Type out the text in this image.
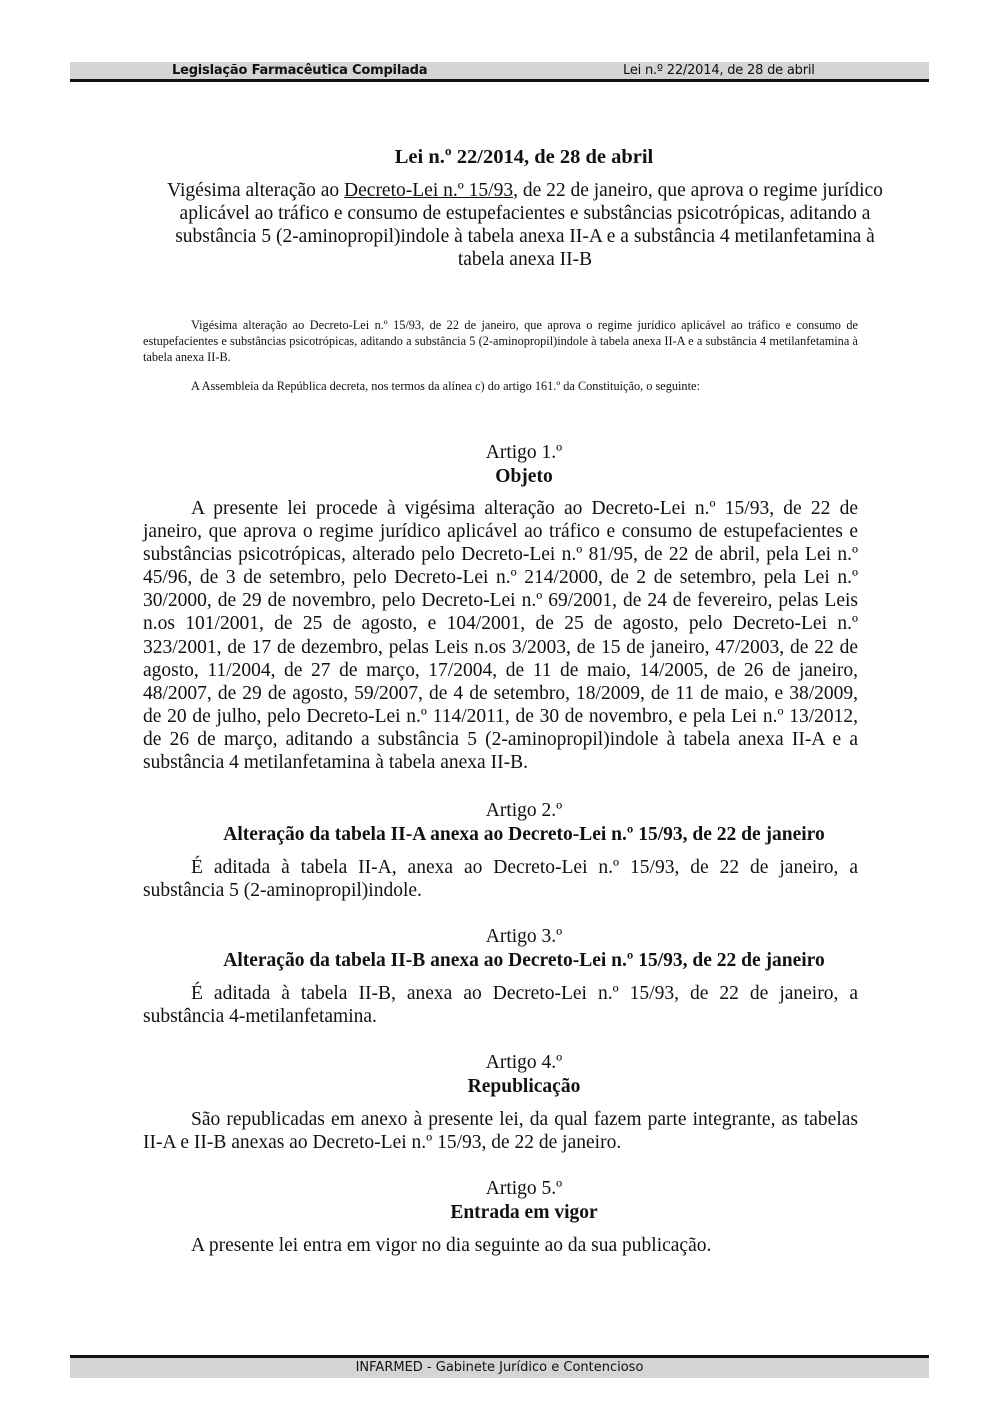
Legislação Farmacêutica Compilada	Lei n.º 22/2014, de 28 de abril
Lei n.º 22/2014, de 28 de abril

Vigésima alteração ao Decreto-Lei n.º 15/93, de 22 de janeiro, que aprova o regime jurídico aplicável ao tráfico e consumo de estupefacientes e substâncias psicotrópicas, aditando a substância 5 (2-aminopropil)indole à tabela anexa II-A e a substância 4 metilanfetamina à tabela anexa II-B

Vigésima alteração ao Decreto-Lei n.º 15/93, de 22 de janeiro, que aprova o regime jurídico aplicável ao tráfico e consumo de estupefacientes e substâncias psicotrópicas, aditando a substância 5 (2-aminopropil)indole à tabela anexa II-A e a substância 4 metilanfetamina à tabela anexa II-B.

A Assembleia da República decreta, nos termos da alínea c) do artigo 161.º da Constituição, o seguinte:

Artigo 1.º

Objeto

A presente lei procede à vigésima alteração ao Decreto-Lei n.º 15/93, de 22 de janeiro, que aprova o regime jurídico aplicável ao tráfico e consumo de estupefacientes e substâncias psicotrópicas, alterado pelo Decreto-Lei n.º 81/95, de 22 de abril, pela Lei n.º 45/96, de 3 de setembro, pelo Decreto-Lei n.º 214/2000, de 2 de setembro, pela Lei n.º 30/2000, de 29 de novembro, pelo Decreto-Lei n.º 69/2001, de 24 de fevereiro, pelas Leis n.os 101/2001, de 25 de agosto, e 104/2001, de 25 de agosto, pelo Decreto-Lei n.º 323/2001, de 17 de dezembro, pelas Leis n.os 3/2003, de 15 de janeiro, 47/2003, de 22 de agosto, 11/2004, de 27 de março, 17/2004, de 11 de maio, 14/2005, de 26 de janeiro, 48/2007, de 29 de agosto, 59/2007, de 4 de setembro, 18/2009, de 11 de maio, e 38/2009, de 20 de julho, pelo Decreto-Lei n.º 114/2011, de 30 de novembro, e pela Lei n.º 13/2012, de 26 de março, aditando a substância 5 (2-aminopropil)indole à tabela anexa II-A e a substância 4 metilanfetamina à tabela anexa II-B.

Artigo 2.º

Alteração da tabela II-A anexa ao Decreto-Lei n.º 15/93, de 22 de janeiro

É aditada à tabela II-A, anexa ao Decreto-Lei n.º 15/93, de 22 de janeiro, a substância 5 (2-aminopropil)indole.

Artigo 3.º

Alteração da tabela II-B anexa ao Decreto-Lei n.º 15/93, de 22 de janeiro

É aditada à tabela II-B, anexa ao Decreto-Lei n.º 15/93, de 22 de janeiro, a substância 4-metilanfetamina.

Artigo 4.º

Republicação

São republicadas em anexo à presente lei, da qual fazem parte integrante, as tabelas II-A e II-B anexas ao Decreto-Lei n.º 15/93, de 22 de janeiro.

Artigo 5.º

Entrada em vigor

A presente lei entra em vigor no dia seguinte ao da sua publicação.

INFARMED - Gabinete Jurídico e Contencioso
